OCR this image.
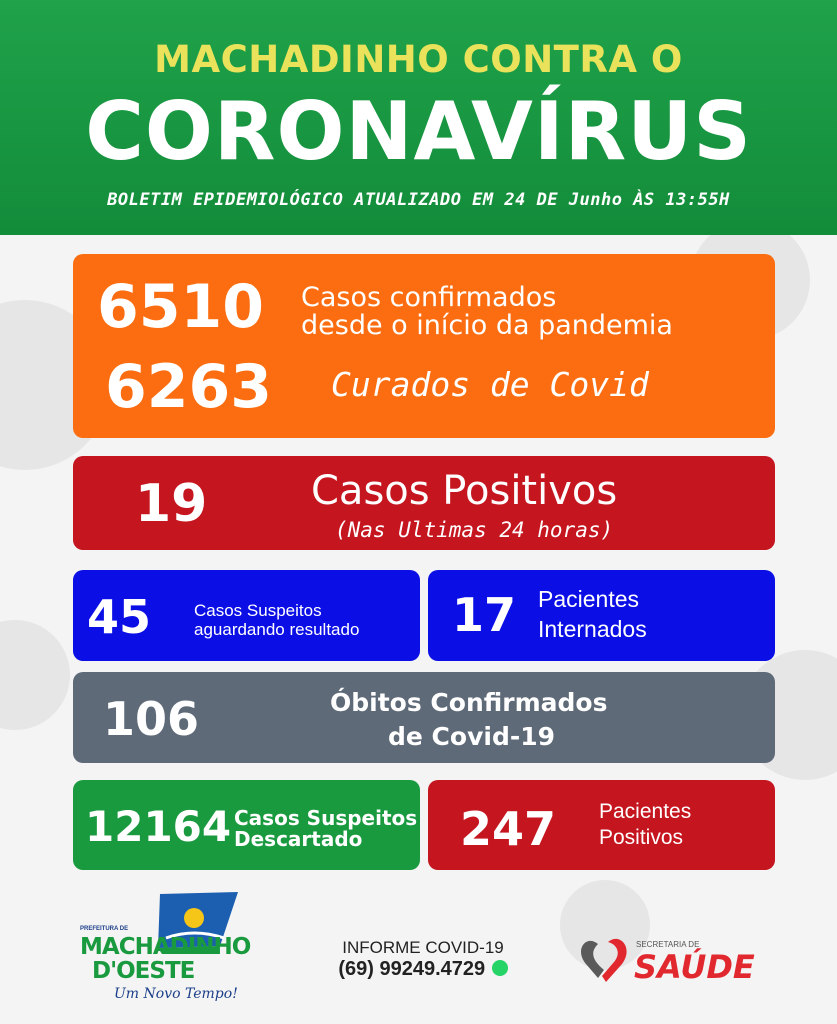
MACHADINHO CONTRA O
CORONAVÍRUS
BOLETIM EPIDEMIOLÓGICO ATUALIZADO EM 24 DE Junho ÀS 13:55H
6510 Casos confirmados
desde o início da pandemia
6263 Curados de Covid
19	Casos Positivos
(Nas Ultimas 24 horas)
45	Casos Suspeitos
aguardando resultado 17 Pacientes
Internados
106	Óbitos Confirmados
de Covid-19
12164 Casos Suspeitos
Descartado 247 Pacientes
Positivos
PREFEITURA DE
MACHADINHO
D'OESTE
Um Novo Tempo!
INFORME COVID-19
(69) 99249.4729
SECRETARIA DE
SAÚDE
